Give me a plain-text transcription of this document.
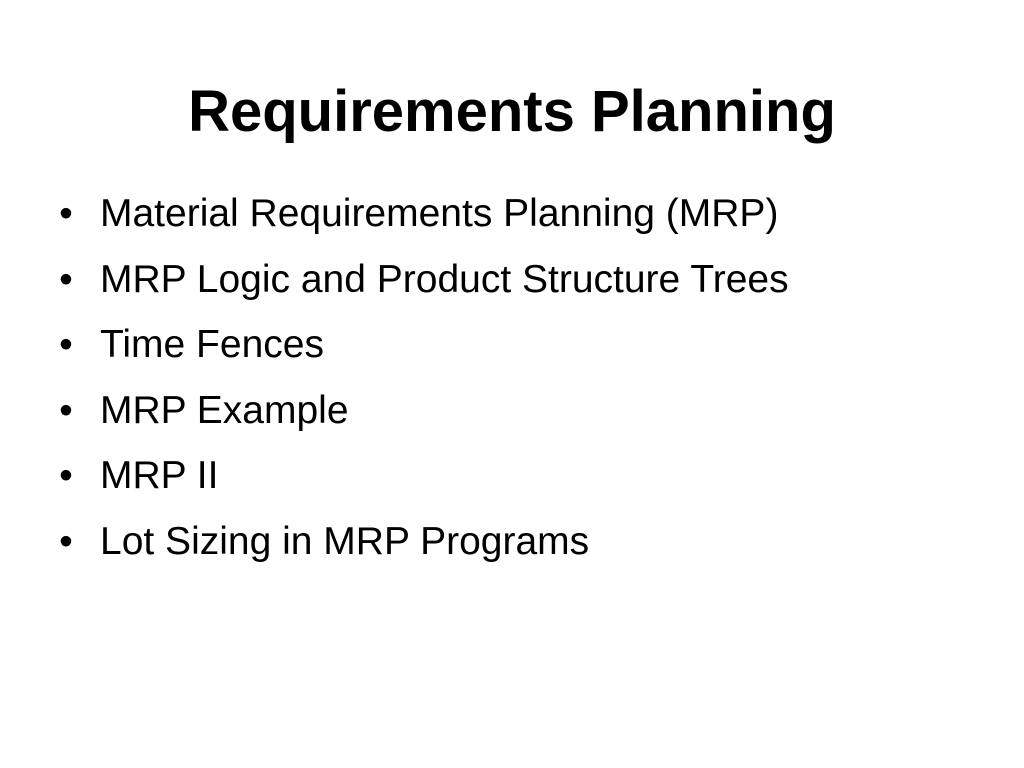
Requirements Planning
• Material Requirements Planning (MRP)
• MRP Logic and Product Structure Trees
• Time Fences
• MRP Example
• MRP II
• Lot Sizing in MRP Programs
